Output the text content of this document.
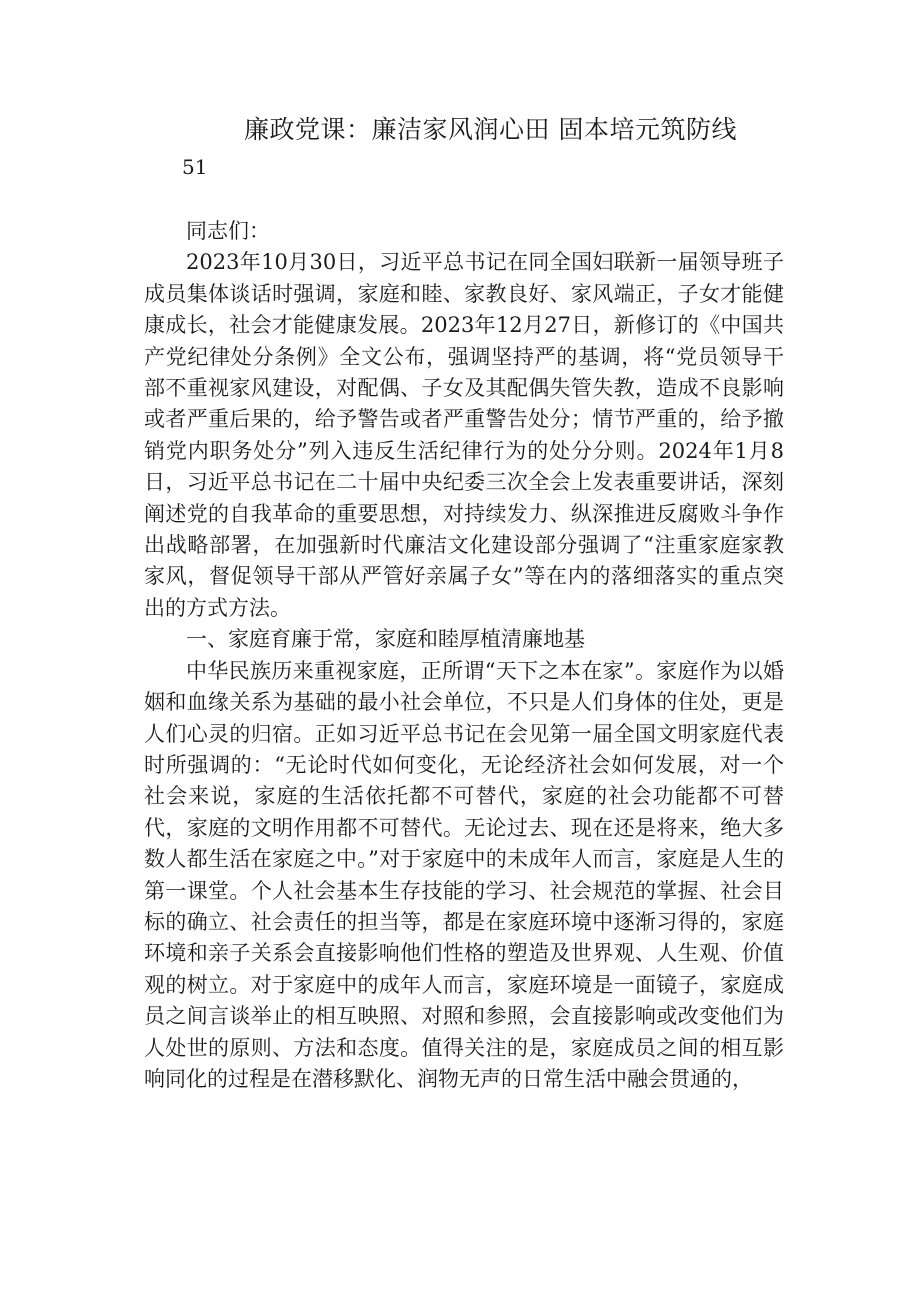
廉政党课：廉洁家风润心田 固本培元筑防线
51

同志们：

2023年10月30日，习近平总书记在同全国妇联新一届领导班子成员集体谈话时强调，家庭和睦、家教良好、家风端正，子女才能健康成长，社会才能健康发展。2023年12月27日，新修订的《中国共产党纪律处分条例》全文公布，强调坚持严的基调，将“党员领导干部不重视家风建设，对配偶、子女及其配偶失管失教，造成不良影响或者严重后果的，给予警告或者严重警告处分；情节严重的，给予撤销党内职务处分”列入违反生活纪律行为的处分分则。2024年1月8日，习近平总书记在二十届中央纪委三次全会上发表重要讲话，深刻阐述党的自我革命的重要思想，对持续发力、纵深推进反腐败斗争作出战略部署，在加强新时代廉洁文化建设部分强调了“注重家庭家教家风，督促领导干部从严管好亲属子女”等在内的落细落实的重点突出的方式方法。

一、家庭育廉于常，家庭和睦厚植清廉地基

中华民族历来重视家庭，正所谓“天下之本在家”。家庭作为以婚姻和血缘关系为基础的最小社会单位，不只是人们身体的住处，更是人们心灵的归宿。正如习近平总书记在会见第一届全国文明家庭代表时所强调的：“无论时代如何变化，无论经济社会如何发展，对一个社会来说，家庭的生活依托都不可替代，家庭的社会功能都不可替代，家庭的文明作用都不可替代。无论过去、现在还是将来，绝大多数人都生活在家庭之中。”对于家庭中的未成年人而言，家庭是人生的第一课堂。个人社会基本生存技能的学习、社会规范的掌握、社会目标的确立、社会责任的担当等，都是在家庭环境中逐渐习得的，家庭环境和亲子关系会直接影响他们性格的塑造及世界观、人生观、价值观的树立。对于家庭中的成年人而言，家庭环境是一面镜子，家庭成员之间言谈举止的相互映照、对照和参照，会直接影响或改变他们为人处世的原则、方法和态度。值得关注的是，家庭成员之间的相互影响同化的过程是在潜移默化、润物无声的日常生活中融会贯通的，
